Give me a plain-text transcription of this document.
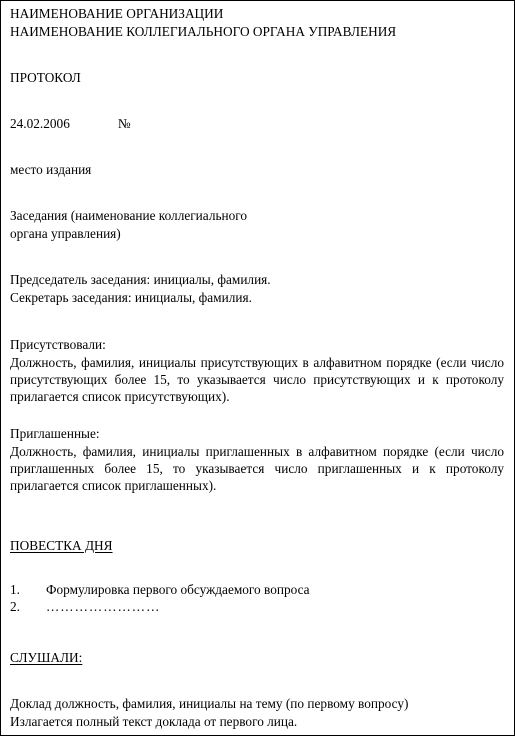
НАИМЕНОВАНИЕ ОРГАНИЗАЦИИ

НАИМЕНОВАНИЕ КОЛЛЕГИАЛЬНОГО ОРГАНА УПРАВЛЕНИЯ

ПРОТОКОЛ

24.02.2006	№

место издания

Заседания (наименование коллегиального

органа управления)

Председатель заседания: инициалы, фамилия.

Секретарь заседания: инициалы, фамилия.

Присутствовали:

Должность, фамилия, инициалы присутствующих в алфавитном порядке (если число присутствующих более 15, то указывается число присутствующих и к протоколу прилагается список присутствующих).

Приглашенные:

Должность, фамилия, инициалы приглашенных в алфавитном порядке (если число приглашенных более 15, то указывается число приглашенных и к протоколу прилагается список приглашенных).

ПОВЕСТКА ДНЯ

1. Формулировка первого обсуждаемого вопроса
2. ……………………

СЛУШАЛИ:

Доклад должность, фамилия, инициалы на тему (по первому вопросу)

Излагается полный текст доклада от первого лица.
